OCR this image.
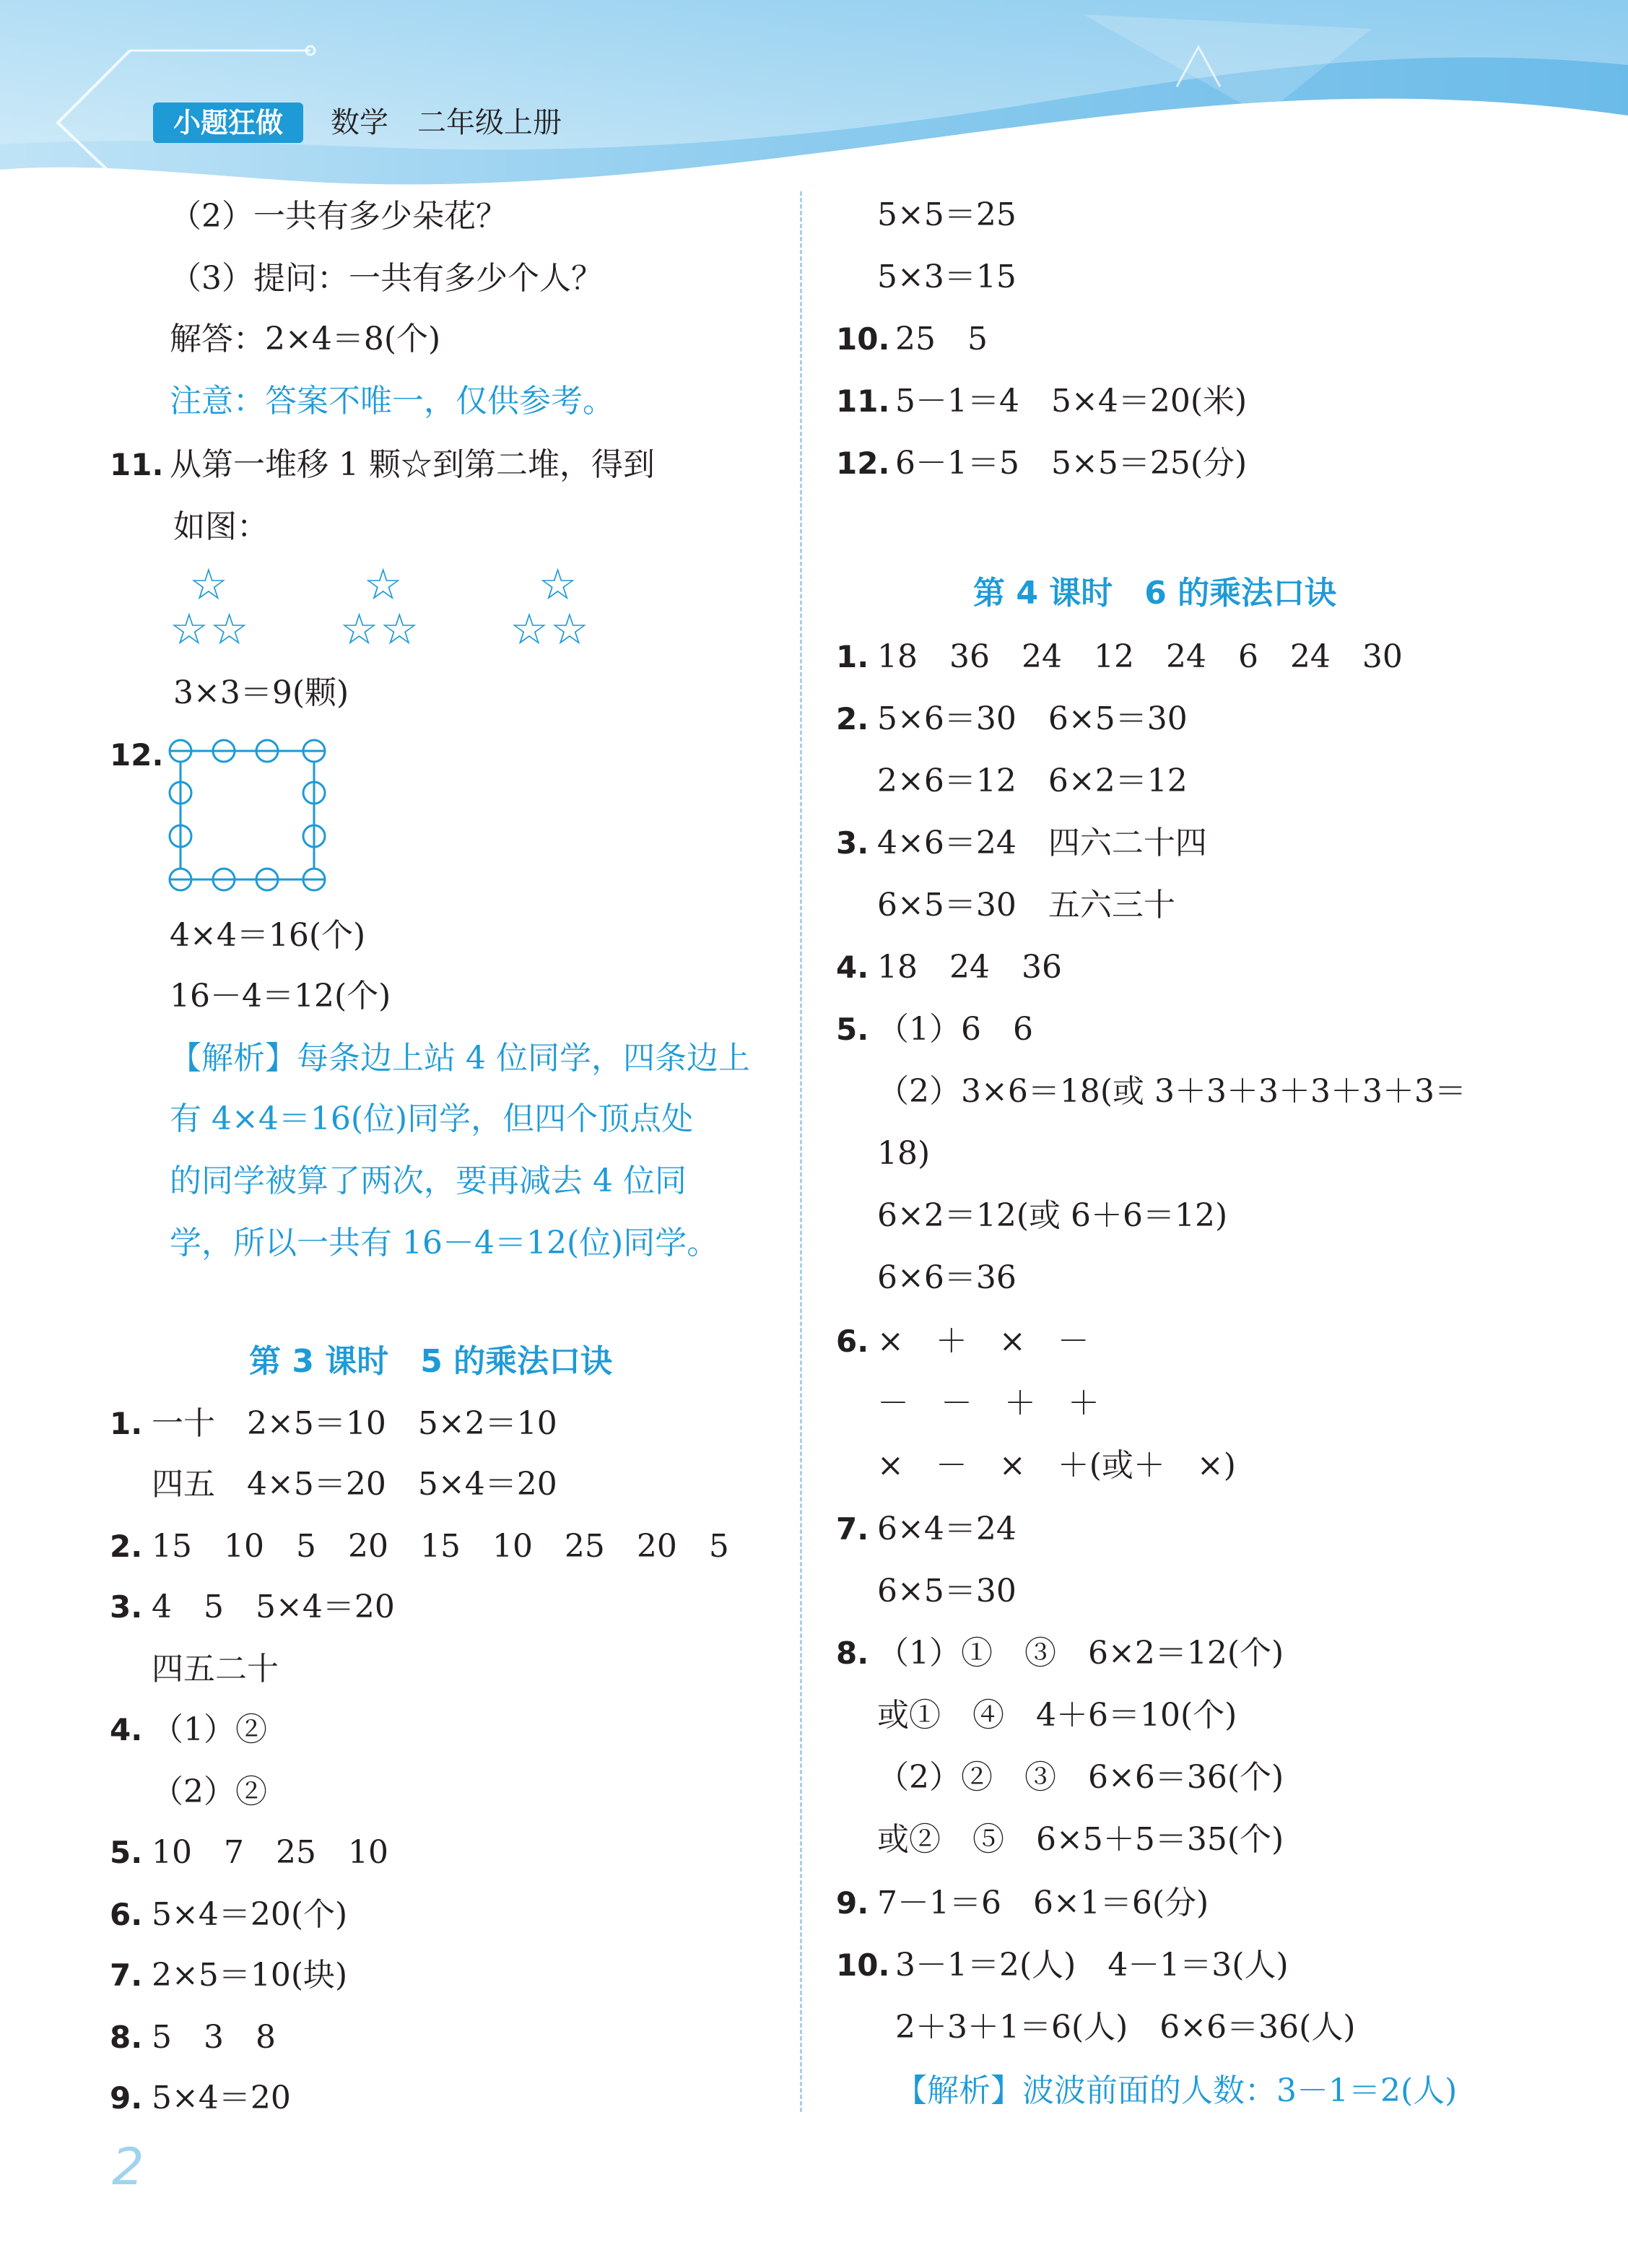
小题狂做	数学 二年级上册
（2）一共有多少朵花？
（3）提问：一共有多少个人？
解答：2×4＝8(个)
注意：答案不唯一，仅供参考。
11. 从第一堆移 1 颗☆到第二堆，得到
如图：
☆　　　☆　　　☆
☆☆　　☆☆　　☆☆
3×3＝9(颗)
12.
4×4＝16(个)
16－4＝12(个)
【解析】每条边上站 4 位同学，四条边上
有 4×4＝16(位)同学，但四个顶点处
的同学被算了两次，要再减去 4 位同
学，所以一共有 16－4＝12(位)同学。
第 3 课时　5 的乘法口诀
1. 一十　2×5＝10　5×2＝10
四五　4×5＝20　5×4＝20
2. 15　10　5　20　15　10　25　20　5
3. 4　5　5×4＝20
四五二十
4. （1）②
（2）②
5. 10　7　25　10
6. 5×4＝20(个)
7. 2×5＝10(块)
8. 5　3　8
9. 5×4＝20
5×5＝25
5×3＝15
10. 25　5
11. 5－1＝4　5×4＝20(米)
12. 6－1＝5　5×5＝25(分)
第 4 课时　6 的乘法口诀
1. 18　36　24　12　24　6　24　30
2. 5×6＝30　6×5＝30
2×6＝12　6×2＝12
3. 4×6＝24　四六二十四
6×5＝30　五六三十
4. 18　24　36
5. （1）6　6
（2）3×6＝18(或 3＋3＋3＋3＋3＋3＝
18)
6×2＝12(或 6＋6＝12)
6×6＝36
6. ×　＋　×　－
－　－　＋　＋
×　－　×　＋(或＋　×)
7. 6×4＝24
6×5＝30
8. （1）①　③　6×2＝12(个)
或①　④　4＋6＝10(个)
（2）②　③　6×6＝36(个)
或②　⑤　6×5＋5＝35(个)
9. 7－1＝6　6×1＝6(分)
10. 3－1＝2(人)　4－1＝3(人)
2＋3＋1＝6(人)　6×6＝36(人)
【解析】波波前面的人数：3－1＝2(人)
2
